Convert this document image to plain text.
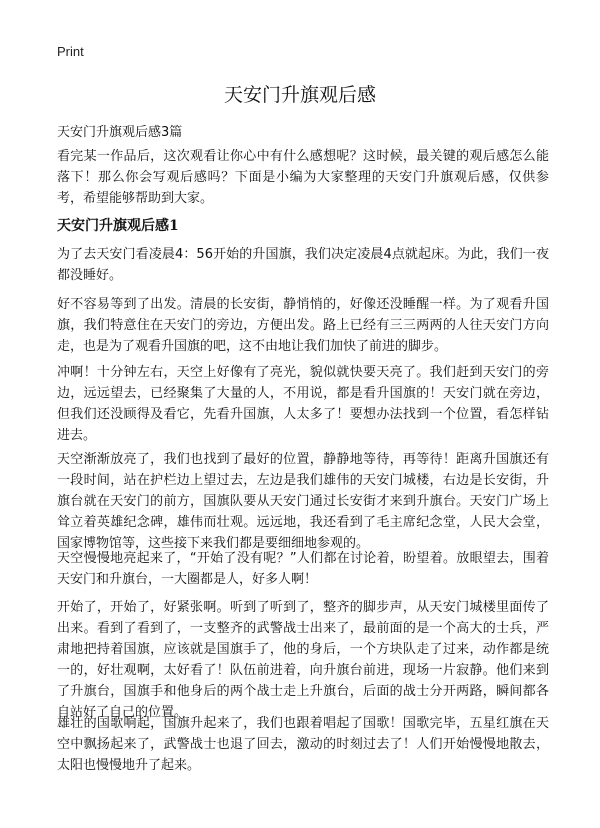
Print
天安门升旗观后感

天安门升旗观后感3篇

看完某一作品后，这次观看让你心中有什么感想呢？这时候，最关键的观后感怎么能落下！那么你会写观后感吗？下面是小编为大家整理的天安门升旗观后感，仅供参考，希望能够帮助到大家。

天安门升旗观后感1

为了去天安门看凌晨4：56开始的升国旗，我们决定凌晨4点就起床。为此，我们一夜都没睡好。

好不容易等到了出发。清晨的长安街，静悄悄的，好像还没睡醒一样。为了观看升国旗，我们特意住在天安门的旁边，方便出发。路上已经有三三两两的人往天安门方向走，也是为了观看升国旗的吧，这不由地让我们加快了前进的脚步。

冲啊！十分钟左右，天空上好像有了亮光，貌似就快要天亮了。我们赶到天安门的旁边，远远望去，已经聚集了大量的人，不用说，都是看升国旗的！天安门就在旁边，但我们还没顾得及看它，先看升国旗，人太多了！要想办法找到一个位置，看怎样钻进去。

天空渐渐放亮了，我们也找到了最好的位置，静静地等待，再等待！距离升国旗还有一段时间，站在护栏边上望过去，左边是我们雄伟的天安门城楼，右边是长安街，升旗台就在天安门的前方，国旗队要从天安门通过长安街才来到升旗台。天安门广场上耸立着英雄纪念碑，雄伟而壮观。远远地，我还看到了毛主席纪念堂，人民大会堂，国家博物馆等，这些接下来我们都是要细细地参观的。

天空慢慢地亮起来了，“开始了没有呢？”人们都在讨论着，盼望着。放眼望去，围着天安门和升旗台，一大圈都是人，好多人啊！

开始了，开始了，好紧张啊。听到了听到了，整齐的脚步声，从天安门城楼里面传了出来。看到了看到了，一支整齐的武警战士出来了，最前面的是一个高大的士兵，严肃地把持着国旗，应该就是国旗手了，他的身后，一个方块队走了过来，动作都是统一的，好壮观啊，太好看了！队伍前进着，向升旗台前进，现场一片寂静。他们来到了升旗台，国旗手和他身后的两个战士走上升旗台，后面的战士分开两路，瞬间都各自站好了自己的位置。

雄壮的国歌响起，国旗升起来了，我们也跟着唱起了国歌！国歌完毕，五星红旗在天空中飘扬起来了，武警战士也退了回去，激动的时刻过去了！人们开始慢慢地散去，太阳也慢慢地升了起来。
